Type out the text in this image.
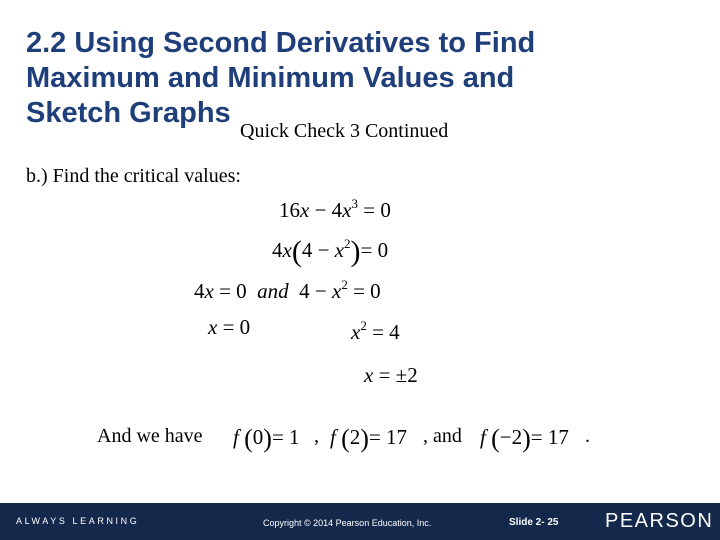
2.2 Using Second Derivatives to Find
Maximum and Minimum Values and
Sketch Graphs
Quick Check 3 Continued
b.) Find the critical values:
$16x - 4x^3 = 0$
$4x(4 - x^2)= 0$
4x = 0  and  $4 - x^2 = 0$
x = 0	$x^2 = 4$
x = ±2
And we have f (0)= 1 , f (2)= 17 , and f (−2)= 17 .
ALWAYS LEARNING	Copyright © 2014 Pearson Education, Inc.	Slide 2- 25 PEARSON
